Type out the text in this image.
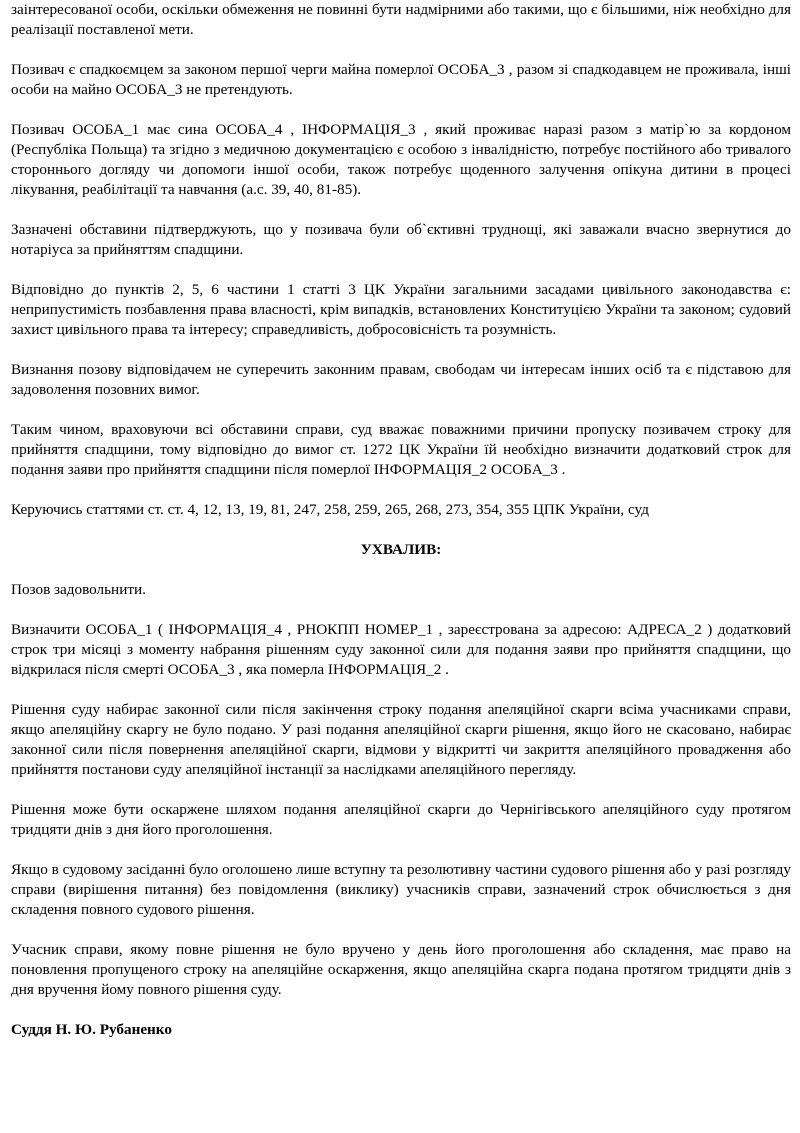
заінтересованої особи, оскільки обмеження не повинні бути надмірними або такими, що є більшими, ніж необхідно для реалізації поставленої мети.

Позивач є спадкоємцем за законом першої черги майна померлої ОСОБА_3 , разом зі спадкодавцем не проживала, інші особи на майно ОСОБА_3 не претендують.

Позивач ОСОБА_1 має сина ОСОБА_4 , ІНФОРМАЦІЯ_3 , який проживає наразі разом з матір`ю за кордоном (Республіка Польща) та згідно з медичною документацією є особою з інвалідністю, потребує постійного або тривалого стороннього догляду чи допомоги іншої особи, також потребує щоденного залучення опікуна дитини в процесі лікування, реабілітації та навчання (а.с. 39, 40, 81-85).

Зазначені обставини підтверджують, що у позивача були об`єктивні труднощі, які заважали вчасно звернутися до нотаріуса за прийняттям спадщини.

Відповідно до пунктів 2, 5, 6 частини 1 статті 3 ЦК України загальними засадами цивільного законодавства є: неприпустимість позбавлення права власності, крім випадків, встановлених Конституцією України та законом; судовий захист цивільного права та інтересу; справедливість, добросовісність та розумність.

Визнання позову відповідачем не суперечить законним правам, свободам чи інтересам інших осіб та є підставою для задоволення позовних вимог.

Таким чином, враховуючи всі обставини справи, суд вважає поважними причини пропуску позивачем строку для прийняття спадщини, тому відповідно до вимог ст. 1272 ЦК України їй необхідно визначити додатковий строк для подання заяви про прийняття спадщини після померлої ІНФОРМАЦІЯ_2 ОСОБА_3 .

Керуючись статтями ст. ст. 4, 12, 13, 19, 81, 247, 258, 259, 265, 268, 273, 354, 355 ЦПК України, суд

УХВАЛИВ:

Позов задовольнити.

Визначити ОСОБА_1 ( ІНФОРМАЦІЯ_4 , РНОКПП НОМЕР_1 , зареєстрована за адресою: АДРЕСА_2 ) додатковий строк три місяці з моменту набрання рішенням суду законної сили для подання заяви про прийняття спадщини, що відкрилася після смерті ОСОБА_3 , яка померла ІНФОРМАЦІЯ_2 .

Рішення суду набирає законної сили після закінчення строку подання апеляційної скарги всіма учасниками справи, якщо апеляційну скаргу не було подано. У разі подання апеляційної скарги рішення, якщо його не скасовано, набирає законної сили після повернення апеляційної скарги, відмови у відкритті чи закриття апеляційного провадження або прийняття постанови суду апеляційної інстанції за наслідками апеляційного перегляду.

Рішення може бути оскаржене шляхом подання апеляційної скарги до Чернігівського апеляційного суду протягом тридцяти днів з дня його проголошення.

Якщо в судовому засіданні було оголошено лише вступну та резолютивну частини судового рішення або у разі розгляду справи (вирішення питання) без повідомлення (виклику) учасників справи, зазначений строк обчислюється з дня складення повного судового рішення.

Учасник справи, якому повне рішення не було вручено у день його проголошення або складення, має право на поновлення пропущеного строку на апеляційне оскарження, якщо апеляційна скарга подана протягом тридцяти днів з дня вручення йому повного рішення суду.

Суддя Н. Ю. Рубаненко
